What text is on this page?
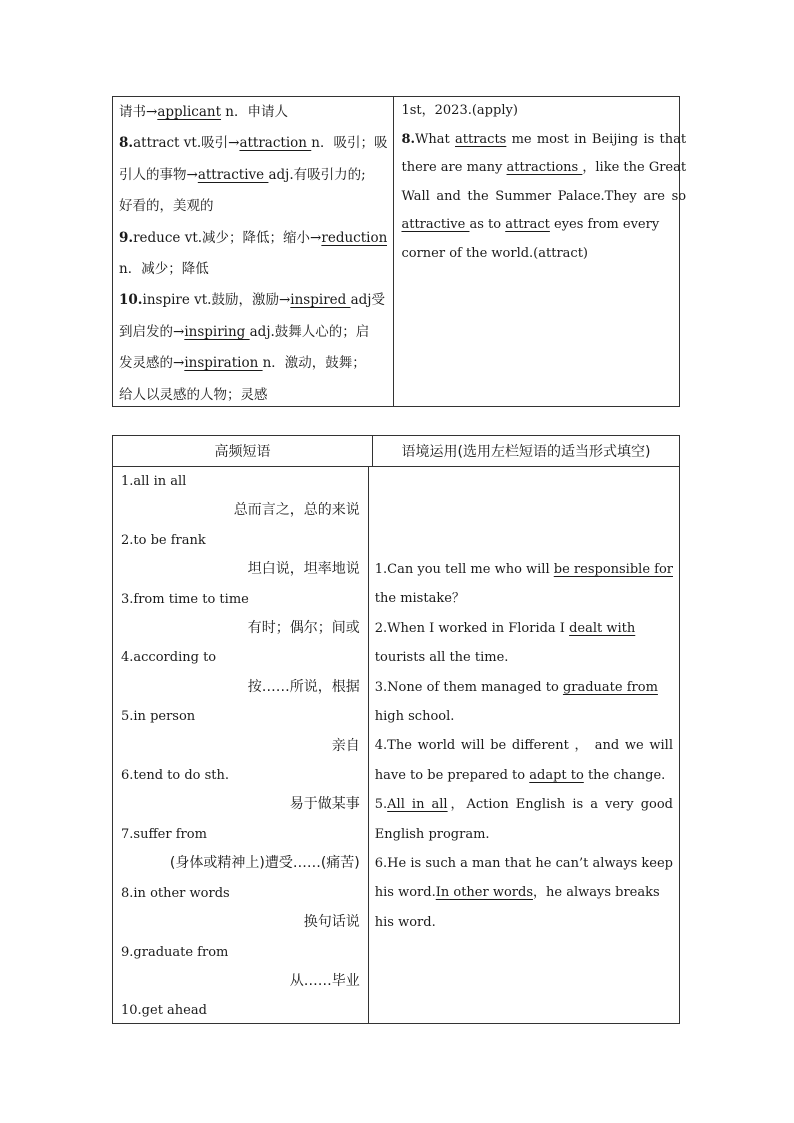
请书→applicant n．申请人
8.attract vt.吸引→attraction n．吸引；吸
引人的事物→attractive adj.有吸引力的;
好看的，美观的
9.reduce vt.减少；降低；缩小→reduction
n．减少；降低
10.inspire vt.鼓励，激励→inspired adj受
到启发的→inspiring adj.鼓舞人心的；启
发灵感的→inspiration n．激动，鼓舞；
给人以灵感的人物；灵感
1st，2023.(apply)
8.What attracts me most in Beijing is that
there are many attractions ，like the Great
Wall and the Summer Palace.They are so
attractive as to attract eyes from every
corner of the world.(attract)
高频短语	语境运用(选用左栏短语的适当形式填空)
1.all in all
总而言之，总的来说
2.to be frank
坦白说，坦率地说
3.from time to time
有时；偶尔；间或
4.according to
按……所说，根据
5.in person
亲自
6.tend to do sth.
易于做某事
7.suffer from
(身体或精神上)遭受……(痛苦)
8.in other words
换句话说
9.graduate from
从……毕业
10.get ahead
1.Can you tell me who will be responsible for
the mistake？
2.When I worked in Florida I dealt with
tourists all the time.
3.None of them managed to graduate from
high school.
4.The world will be different ， and we will
have to be prepared to adapt to the change.
5.All in all，Action English is a very good
English program.
6.He is such a man that he can’t always keep
his word.In other words，he always breaks
his word.
